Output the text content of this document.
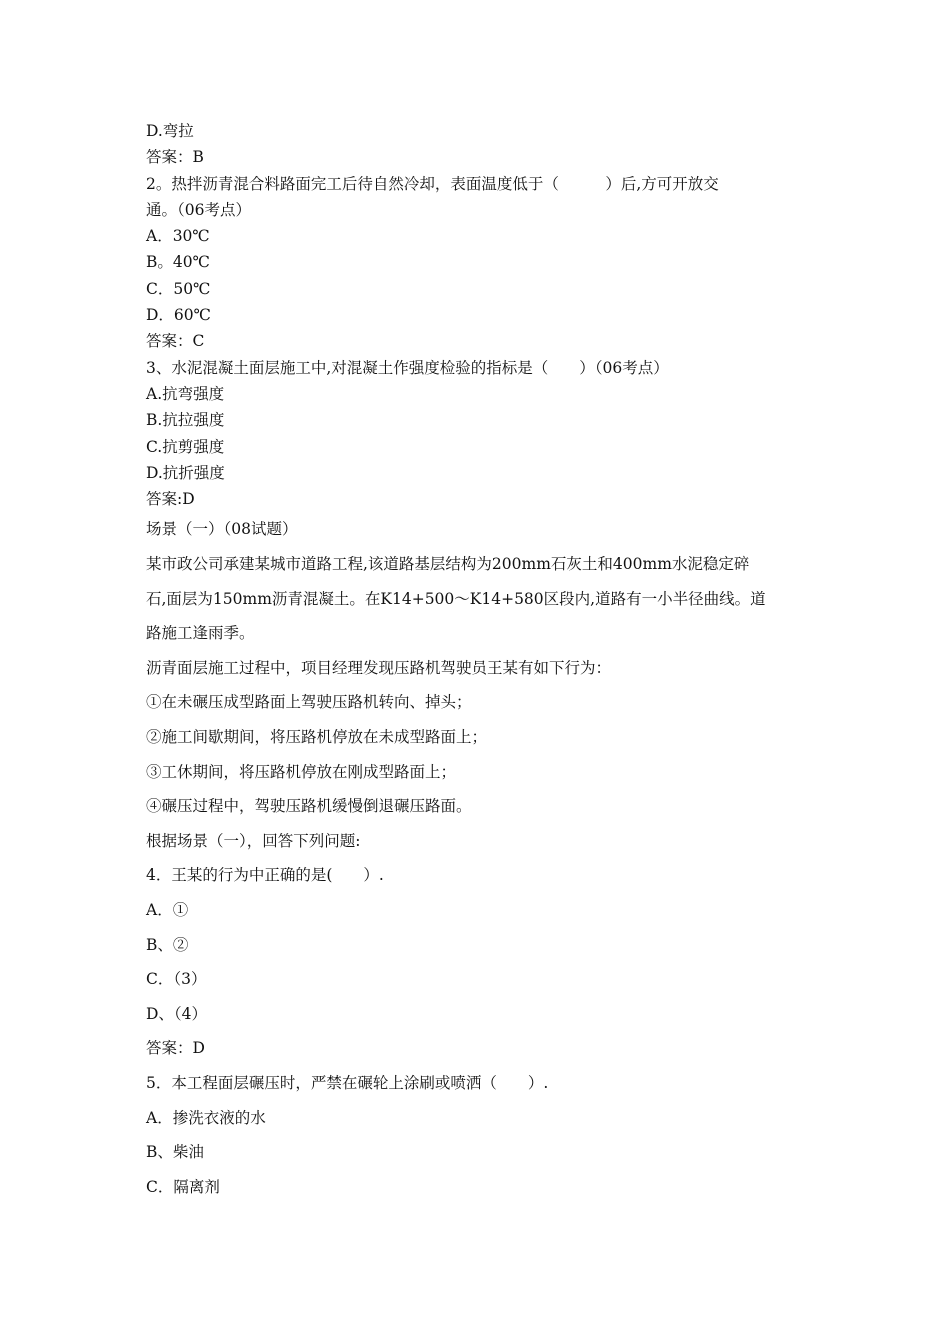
D.弯拉

答案：B

2。热拌沥青混合料路面完工后待自然冷却，表面温度低于（　　　）后,方可开放交

通。（06考点）

A．30℃

B。40℃

C．50℃

D．60℃

答案：C

3、水泥混凝土面层施工中,对混凝土作强度检验的指标是（　　）（06考点）

A.抗弯强度

B.抗拉强度

C.抗剪强度

D.抗折强度

答案:D

场景（一）（08试题）

某市政公司承建某城市道路工程,该道路基层结构为200mm石灰土和400mm水泥稳定碎

石,面层为150mm沥青混凝土。在K14+500～K14+580区段内,道路有一小半径曲线。道

路施工逢雨季。

沥青面层施工过程中，项目经理发现压路机驾驶员王某有如下行为：

①在未碾压成型路面上驾驶压路机转向、掉头；

②施工间歇期间，将压路机停放在未成型路面上；

③工休期间，将压路机停放在刚成型路面上；

④碾压过程中，驾驶压路机缓慢倒退碾压路面。

根据场景（一），回答下列问题:

4．王某的行为中正确的是(　　）.

A．①

B、②

C．（3）

D、（4）

答案：D

5．本工程面层碾压时，严禁在碾轮上涂刷或喷洒（　　）.

A．掺洗衣液的水

B、柴油

C．隔离剂
